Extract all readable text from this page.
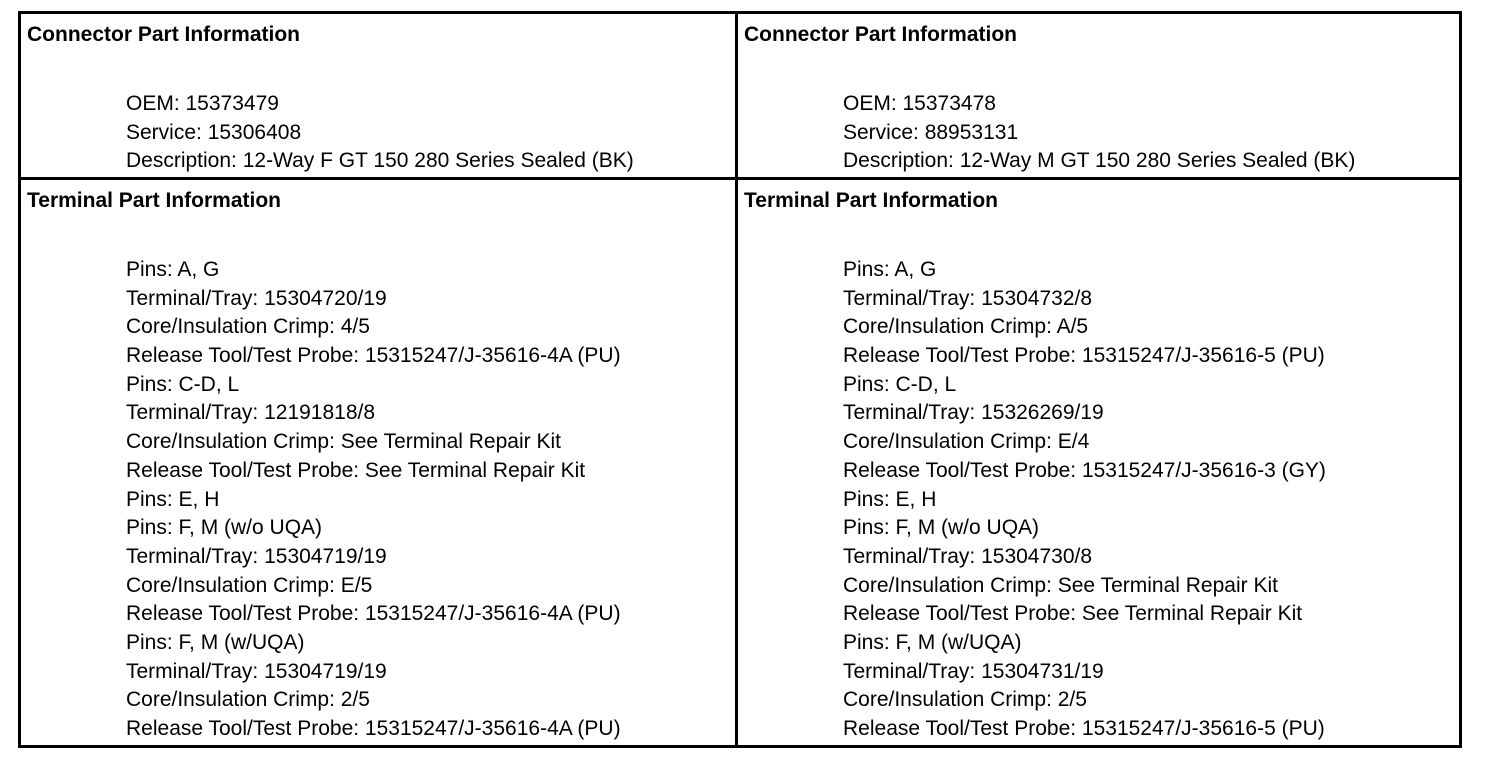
Connector Part Information
OEM: 15373479
Service: 15306408
Description: 12-Way F GT 150 280 Series Sealed (BK)
Connector Part Information
OEM: 15373478
Service: 88953131
Description: 12-Way M GT 150 280 Series Sealed (BK)
Terminal Part Information
Pins: A, G
Terminal/Tray: 15304720/19
Core/Insulation Crimp: 4/5
Release Tool/Test Probe: 15315247/J-35616-4A (PU)
Pins: C-D, L
Terminal/Tray: 12191818/8
Core/Insulation Crimp: See Terminal Repair Kit
Release Tool/Test Probe: See Terminal Repair Kit
Pins: E, H
Pins: F, M (w/o UQA)
Terminal/Tray: 15304719/19
Core/Insulation Crimp: E/5
Release Tool/Test Probe: 15315247/J-35616-4A (PU)
Pins: F, M (w/UQA)
Terminal/Tray: 15304719/19
Core/Insulation Crimp: 2/5
Release Tool/Test Probe: 15315247/J-35616-4A (PU)
Terminal Part Information
Pins: A, G
Terminal/Tray: 15304732/8
Core/Insulation Crimp: A/5
Release Tool/Test Probe: 15315247/J-35616-5 (PU)
Pins: C-D, L
Terminal/Tray: 15326269/19
Core/Insulation Crimp: E/4
Release Tool/Test Probe: 15315247/J-35616-3 (GY)
Pins: E, H
Pins: F, M (w/o UQA)
Terminal/Tray: 15304730/8
Core/Insulation Crimp: See Terminal Repair Kit
Release Tool/Test Probe: See Terminal Repair Kit
Pins: F, M (w/UQA)
Terminal/Tray: 15304731/19
Core/Insulation Crimp: 2/5
Release Tool/Test Probe: 15315247/J-35616-5 (PU)
